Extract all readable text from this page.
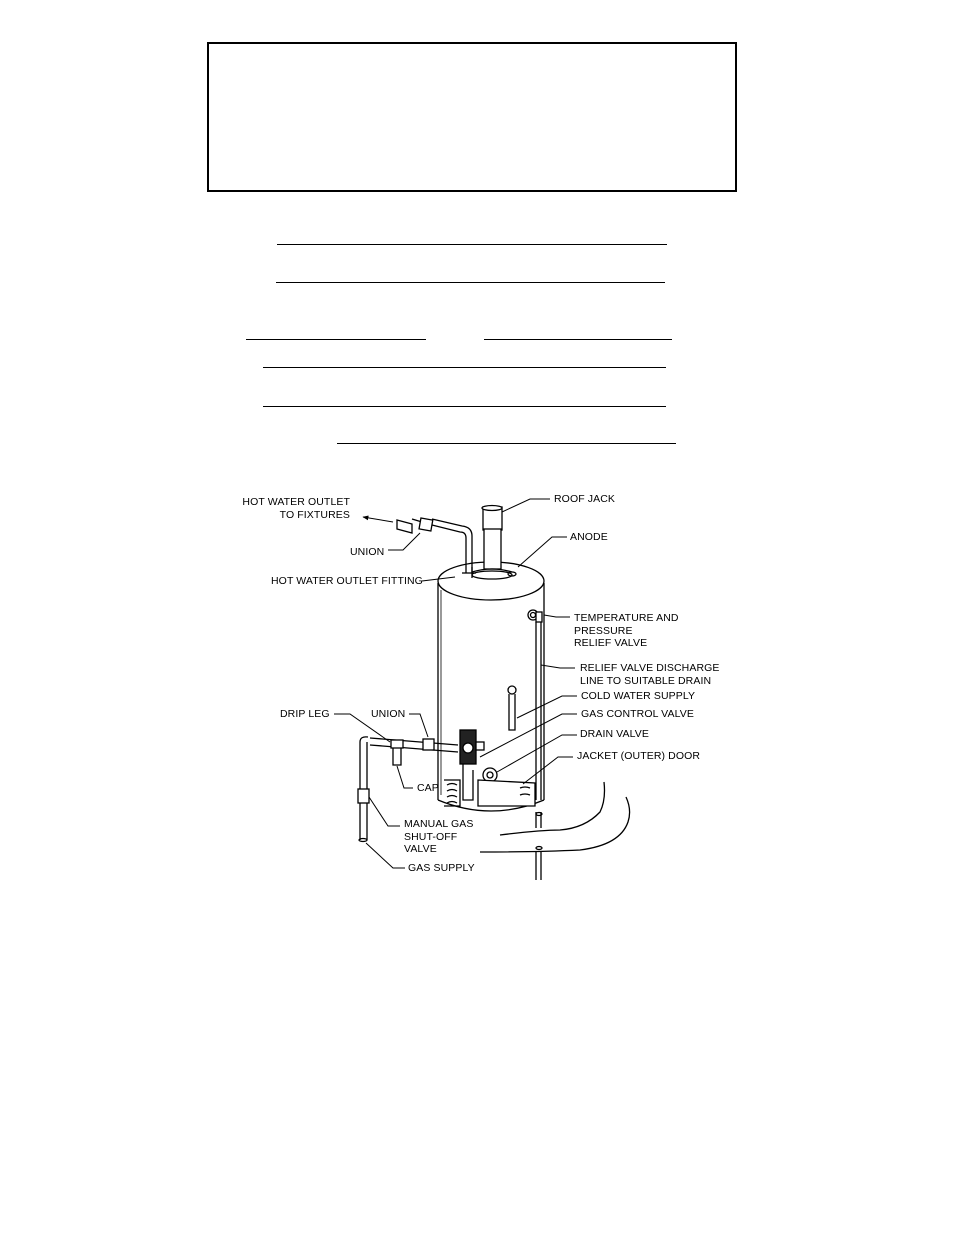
HOT WATER OUTLET
TO FIXTURES
ROOF JACK
UNION
ANODE
HOT WATER OUTLET FITTING
TEMPERATURE AND
PRESSURE
RELIEF VALVE
RELIEF VALVE DISCHARGE
LINE TO SUITABLE DRAIN
COLD WATER SUPPLY
DRIP LEG	UNION	GAS CONTROL VALVE
DRAIN VALVE
JACKET (OUTER) DOOR
CAP
MANUAL GAS
SHUT-OFF
VALVE
GAS SUPPLY
